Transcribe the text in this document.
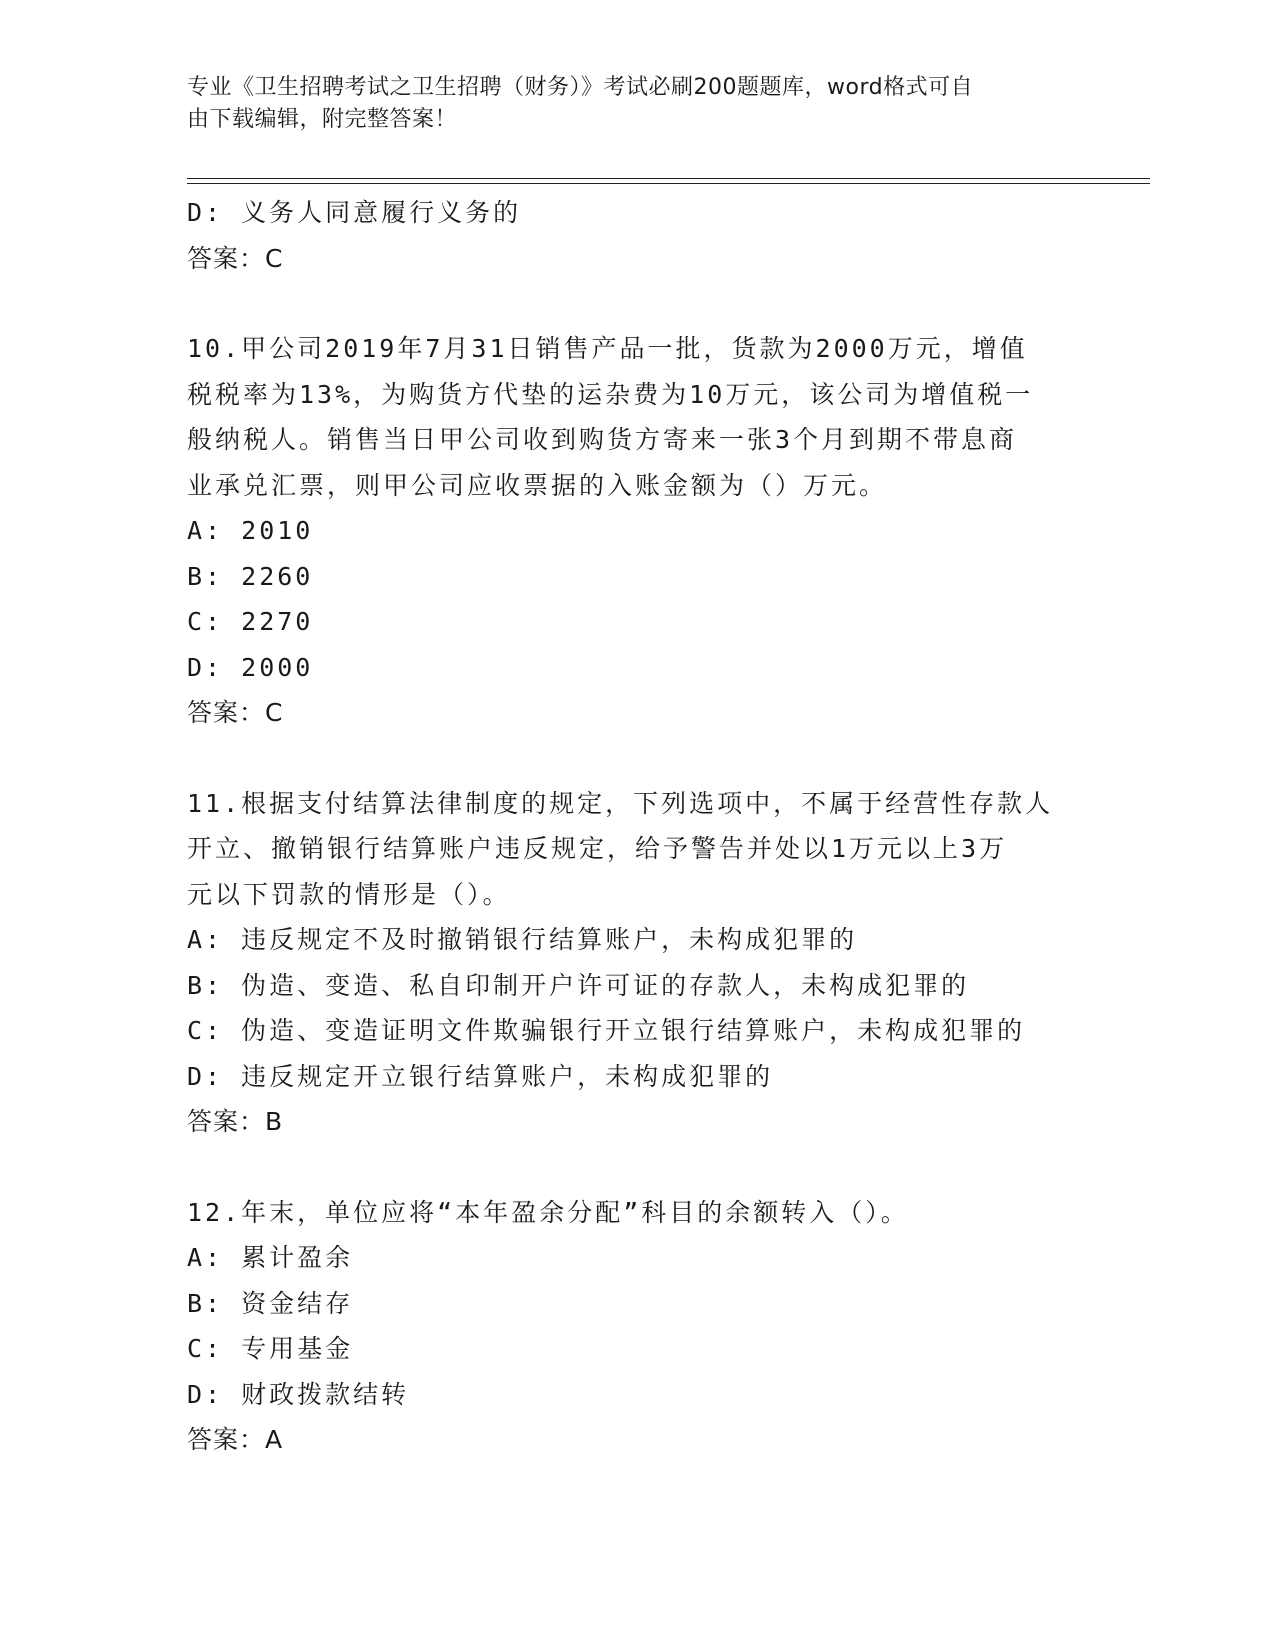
专业《卫生招聘考试之卫生招聘（财务）》考试必刷200题题库，word格式可自
由下载编辑，附完整答案！
D: 义务人同意履行义务的
答案：C
10.甲公司2019年7月31日销售产品一批，货款为2000万元，增值
税税率为13%，为购货方代垫的运杂费为10万元，该公司为增值税一
般纳税人。销售当日甲公司收到购货方寄来一张3个月到期不带息商
业承兑汇票，则甲公司应收票据的入账金额为（）万元。
A: 2010
B: 2260
C: 2270
D: 2000
答案：C
11.根据支付结算法律制度的规定，下列选项中，不属于经营性存款人
开立、撤销银行结算账户违反规定，给予警告并处以1万元以上3万
元以下罚款的情形是（）。
A: 违反规定不及时撤销银行结算账户，未构成犯罪的
B: 伪造、变造、私自印制开户许可证的存款人，未构成犯罪的
C: 伪造、变造证明文件欺骗银行开立银行结算账户，未构成犯罪的
D: 违反规定开立银行结算账户，未构成犯罪的
答案：B
12.年末，单位应将“本年盈余分配”科目的余额转入（）。
A: 累计盈余
B: 资金结存
C: 专用基金
D: 财政拨款结转
答案：A
